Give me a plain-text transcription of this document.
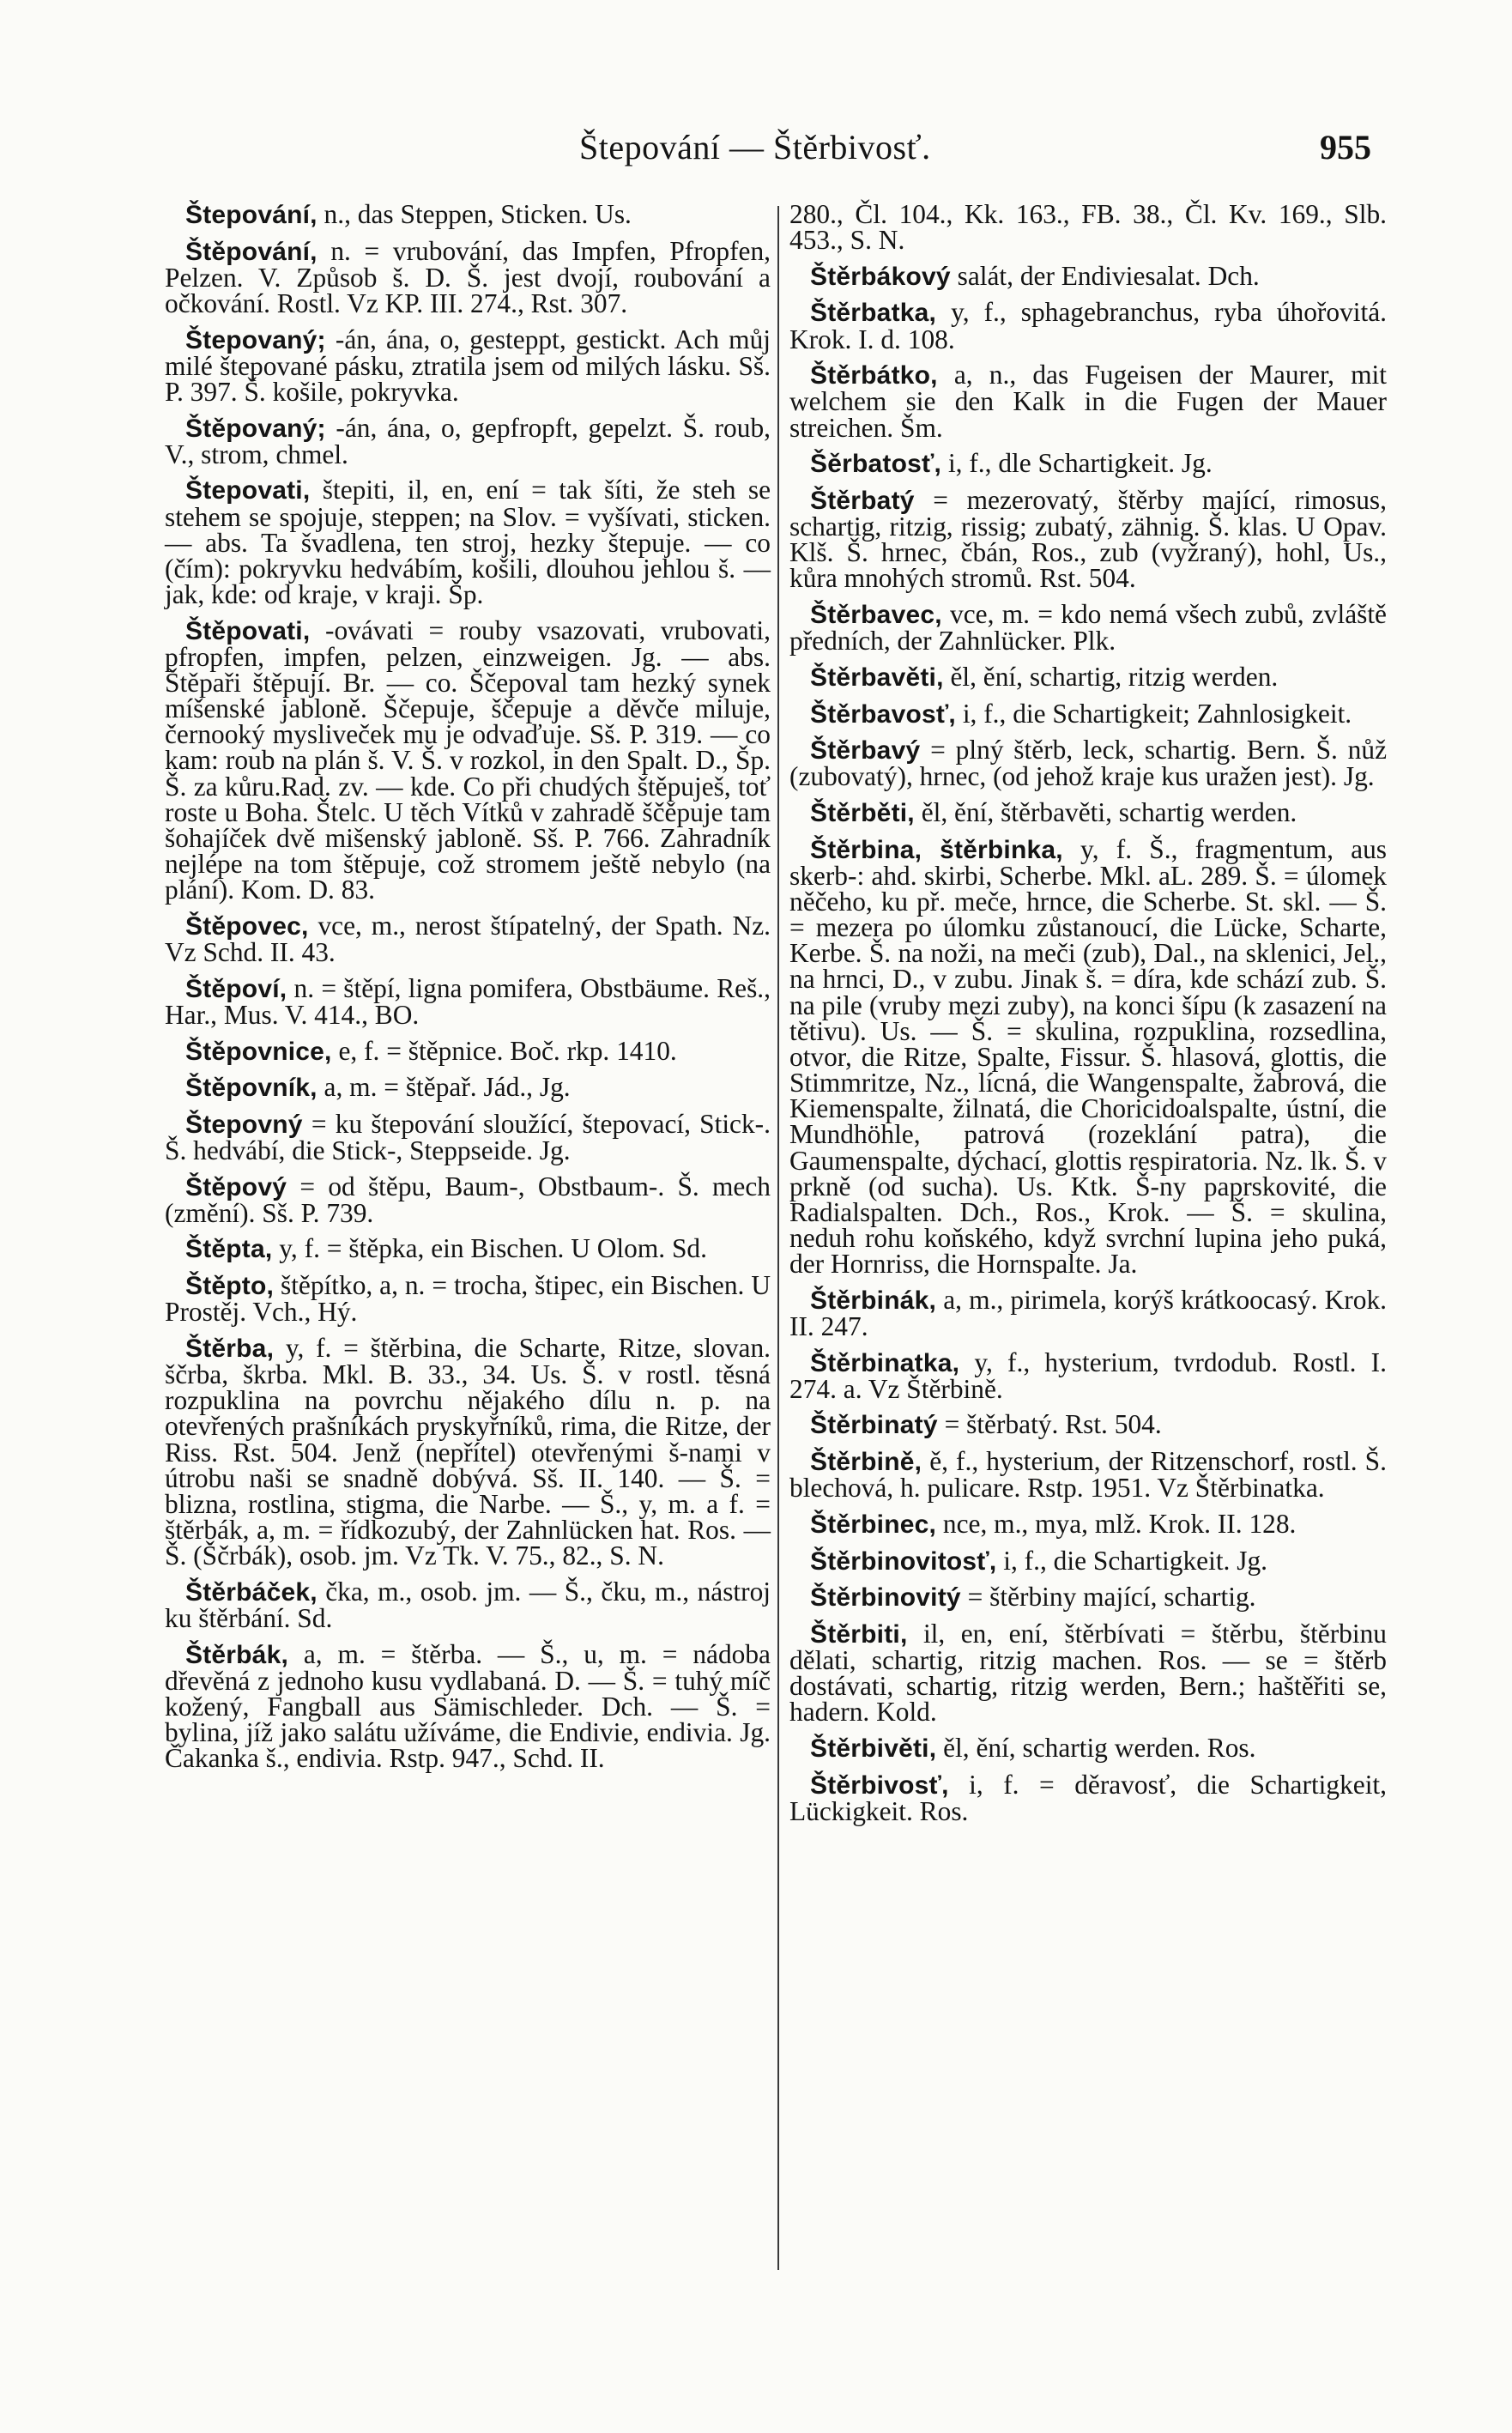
Štepování — Štěrbivosť.	955

Štepování, n., das Steppen, Sticken. Us.

Štěpování, n. = vrubování, das Impfen, Pfropfen, Pelzen. V. Způsob š. D. Š. jest dvojí, roubování a očkování. Rostl. Vz KP. III. 274., Rst. 307.

Štepovaný; -án, ána, o, gesteppt, gestickt. Ach můj milé štepované pásku, ztratila jsem od milých lásku. Sš. P. 397. Š. košile, pokryvka.

Štěpovaný; -án, ána, o, gepfropft, gepelzt. Š. roub, V., strom, chmel.

Štepovati, štepiti, il, en, ení = tak šíti, že steh se stehem se spojuje, steppen; na Slov. = vyšívati, sticken. — abs. Ta švadlena, ten stroj, hezky štepuje. — co (čím): pokryvku hedvábím, košili, dlouhou jehlou š. — jak, kde: od kraje, v kraji. Šp.

Štěpovati, -ovávati = rouby vsazovati, vrubovati, pfropfen, impfen, pelzen, einzweigen. Jg. — abs. Štěpaři štěpují. Br. — co. Ščepoval tam hezký synek míšenské jabloně. Ščepuje, ščepuje a děvče miluje, černooký mysliveček mu je odvaďuje. Sš. P. 319. — co kam: roub na plán š. V. Š. v rozkol, in den Spalt. D., Šp. Š. za kůru.Rad. zv. — kde. Co při chudých štěpuješ, toť roste u Boha. Štelc. U těch Vítků v zahradě ščěpuje tam šohajíček dvě mišenský jabloně. Sš. P. 766. Zahradník nejlépe na tom štěpuje, což stromem ještě nebylo (na plání). Kom. D. 83.

Štěpovec, vce, m., nerost štípatelný, der Spath. Nz. Vz Schd. II. 43.

Štěpoví, n. = štěpí, ligna pomifera, Obstbäume. Reš., Har., Mus. V. 414., BO.

Štěpovnice, e, f. = štěpnice. Boč. rkp. 1410.

Štěpovník, a, m. = štěpař. Jád., Jg.

Štepovný = ku štepování sloužící, štepovací, Stick-. Š. hedvábí, die Stick-, Steppseide. Jg.

Štěpový = od štěpu, Baum-, Obstbaum-. Š. mech (změní). Sš. P. 739.

Štěpta, y, f. = štěpka, ein Bischen. U Olom. Sd.

Štěpto, štěpítko, a, n. = trocha, štipec, ein Bischen. U Prostěj. Vch., Hý.

Štěrba, y, f. = štěrbina, die Scharte, Ritze, slovan. ščrba, škrba. Mkl. B. 33., 34. Us. Š. v rostl. těsná rozpuklina na povrchu nějakého dílu n. p. na otevřených prašníkách pryskyřníků, rima, die Ritze, der Riss. Rst. 504. Jenž (nepřítel) otevřenými š-nami v útrobu naši se snadně dobývá. Sš. II. 140. — Š. = blizna, rostlina, stigma, die Narbe. — Š., y, m. a f. = štěrbák, a, m. = řídkozubý, der Zahnlücken hat. Ros. — Š. (Ščrbák), osob. jm. Vz Tk. V. 75., 82., S. N.

Štěrbáček, čka, m., osob. jm. — Š., čku, m., nástroj ku štěrbání. Sd.

Štěrbák, a, m. = štěrba. — Š., u, m. = nádoba dřevěná z jednoho kusu vydlabaná. D. — Š. = tuhý míč kožený, Fangball aus Sämischleder. Dch. — Š. = bylina, jíž jako salátu užíváme, die Endivie, endivia. Jg. Čakanka š., endivia. Rstp. 947., Schd. II.

280., Čl. 104., Kk. 163., FB. 38., Čl. Kv. 169., Slb. 453., S. N.

Štěrbákový salát, der Endiviesalat. Dch.

Štěrbatka, y, f., sphagebranchus, ryba úhořovitá. Krok. I. d. 108.

Štěrbátko, a, n., das Fugeisen der Maurer, mit welchem sie den Kalk in die Fugen der Mauer streichen. Šm.

Šěrbatosť, i, f., dle Schartigkeit. Jg.

Štěrbatý = mezerovatý, štěrby mající, rimosus, schartig, ritzig, rissig; zubatý, zähnig. Š. klas. U Opav. Klš. Š. hrnec, čbán, Ros., zub (vyžraný), hohl, Us., kůra mnohých stromů. Rst. 504.

Štěrbavec, vce, m. = kdo nemá všech zubů, zvláště předních, der Zahnlücker. Plk.

Štěrbavěti, ěl, ění, schartig, ritzig werden.

Štěrbavosť, i, f., die Schartigkeit; Zahnlosigkeit.

Štěrbavý = plný štěrb, leck, schartig. Bern. Š. nůž (zubovatý), hrnec, (od jehož kraje kus uražen jest). Jg.

Štěrběti, ěl, ění, štěrbavěti, schartig werden.

Štěrbina, štěrbinka, y, f. Š., fragmentum, aus skerb-: ahd. skirbi, Scherbe. Mkl. aL. 289. Š. = úlomek něčeho, ku př. meče, hrnce, die Scherbe. St. skl. — Š. = mezera po úlomku zůstanoucí, die Lücke, Scharte, Kerbe. Š. na noži, na meči (zub), Dal., na sklenici, Jel., na hrnci, D., v zubu. Jinak š. = díra, kde schází zub. Š. na pile (vruby mezi zuby), na konci šípu (k zasazení na tětivu). Us. — Š. = skulina, rozpuklina, rozsedlina, otvor, die Ritze, Spalte, Fissur. Š. hlasová, glottis, die Stimmritze, Nz., lícná, die Wangenspalte, žabrová, die Kiemenspalte, žilnatá, die Choricidoalspalte, ústní, die Mundhöhle, patrová (rozeklání patra), die Gaumenspalte, dýchací, glottis respiratoria. Nz. lk. Š. v prkně (od sucha). Us. Ktk. Š-ny paprskovité, die Radialspalten. Dch., Ros., Krok. — Š. = skulina, neduh rohu koňského, když svrchní lupina jeho puká, der Hornriss, die Hornspalte. Ja.

Štěrbinák, a, m., pirimela, korýš krátkoocasý. Krok. II. 247.

Štěrbinatka, y, f., hysterium, tvrdodub. Rostl. I. 274. a. Vz Štěrbině.

Štěrbinatý = štěrbatý. Rst. 504.

Štěrbině, ě, f., hysterium, der Ritzenschorf, rostl. Š. blechová, h. pulicare. Rstp. 1951. Vz Štěrbinatka.

Štěrbinec, nce, m., mya, mlž. Krok. II. 128.

Štěrbinovitosť, i, f., die Schartigkeit. Jg.

Štěrbinovitý = štěrbiny mající, schartig.

Štěrbiti, il, en, ení, štěrbívati = štěrbu, štěrbinu dělati, schartig, ritzig machen. Ros. — se = štěrb dostávati, schartig, ritzig werden, Bern.; haštěřiti se, hadern. Kold.

Štěrbivěti, ěl, ění, schartig werden. Ros.

Štěrbivosť, i, f. = děravosť, die Schartigkeit, Lückigkeit. Ros.
